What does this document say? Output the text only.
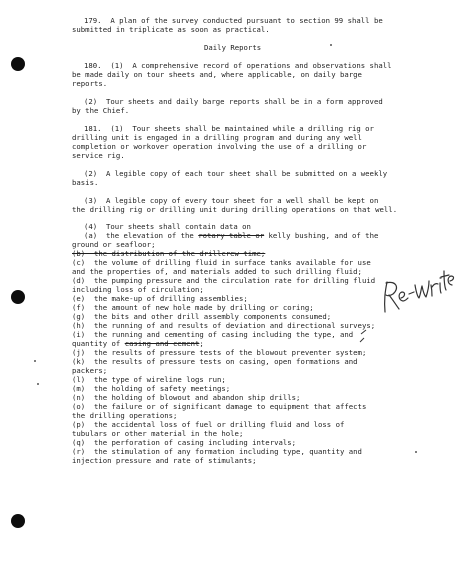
179.  A plan of the survey conducted pursuant to section 99 shall be
submitted in triplicate as soon as practical.
Daily Reports
180.  (1)  A comprehensive record of operations and observations shall
be made daily on tour sheets and, where applicable, on daily barge
reports.
(2)  Tour sheets and daily barge reports shall be in a form approved
by the Chief.
181.  (1)  Tour sheets shall be maintained while a drilling rig or
drilling unit is engaged in a drilling program and during any well
completion or workover operation involving the use of a drilling or
service rig.
(2)  A legible copy of each tour sheet shall be submitted on a weekly
basis.
(3)  A legible copy of every tour sheet for a well shall be kept on
the drilling rig or drilling unit during drilling operations on that well.
(4)  Tour sheets shall contain data on
(a)  the elevation of the rotary table or kelly bushing, and of the
ground or seafloor;
(b)  the distribution of the drillcrew time;
(c)  the volume of drilling fluid in surface tanks available for use
and the properties of, and materials added to such drilling fluid;
(d)  the pumping pressure and the circulation rate for drilling fluid
including loss of circulation;
(e)  the make-up of drilling assemblies;
(f)  the amount of new hole made by drilling or coring;
(g)  the bits and other drill assembly components consumed;
(h)  the running of and results of deviation and directional surveys;
(i)  the running and cementing of casing including the type, and
quantity of casing and cement;
(j)  the results of pressure tests of the blowout preventer system;
(k)  the results of pressure tests on casing, open formations and
packers;
(l)  the type of wireline logs run;
(m)  the holding of safety meetings;
(n)  the holding of blowout and abandon ship drills;
(o)  the failure or of significant damage to equipment that affects
the drilling operations;
(p)  the accidental loss of fuel or drilling fluid and loss of
tubulars or other material in the hole;
(q)  the perforation of casing including intervals;
(r)  the stimulation of any formation including type, quantity and
injection pressure and rate of stimulants;
